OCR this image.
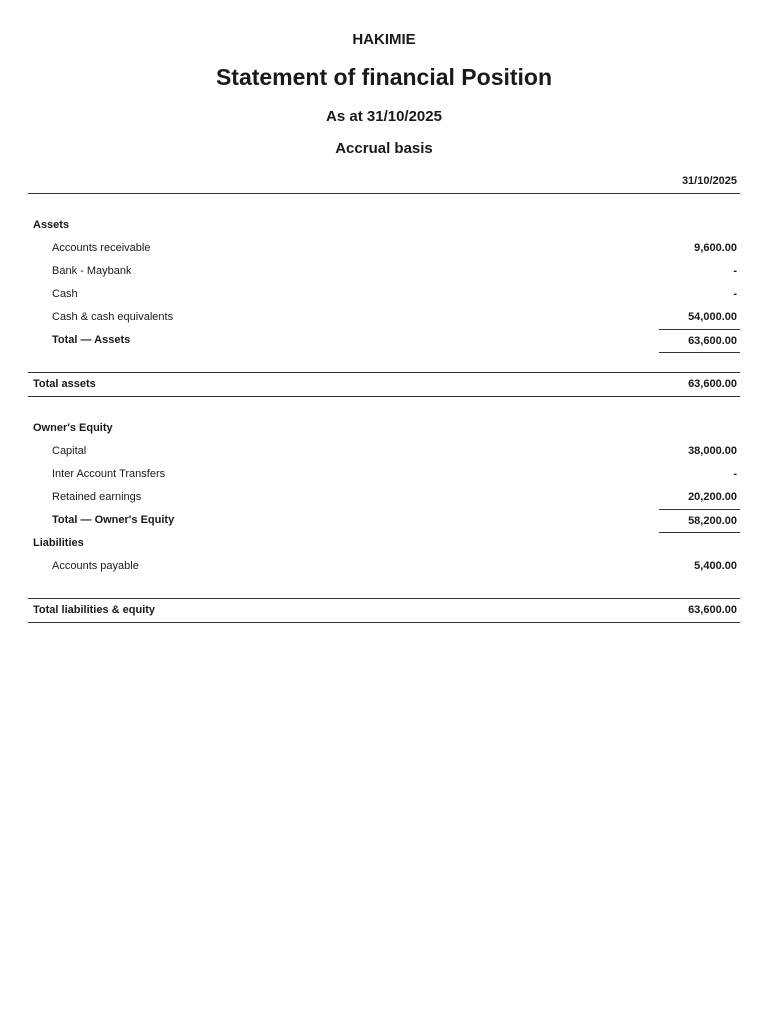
HAKIMIE
Statement of financial Position
As at 31/10/2025
Accrual basis
31/10/2025
Assets
Accounts receivable	9,600.00
Bank - Maybank	-
Cash	-
Cash & cash equivalents	54,000.00
Total — Assets	63,600.00
Total assets	63,600.00
Owner's Equity
Capital	38,000.00
Inter Account Transfers	-
Retained earnings	20,200.00
Total — Owner's Equity	58,200.00
Liabilities
Accounts payable	5,400.00
Total liabilities & equity	63,600.00
